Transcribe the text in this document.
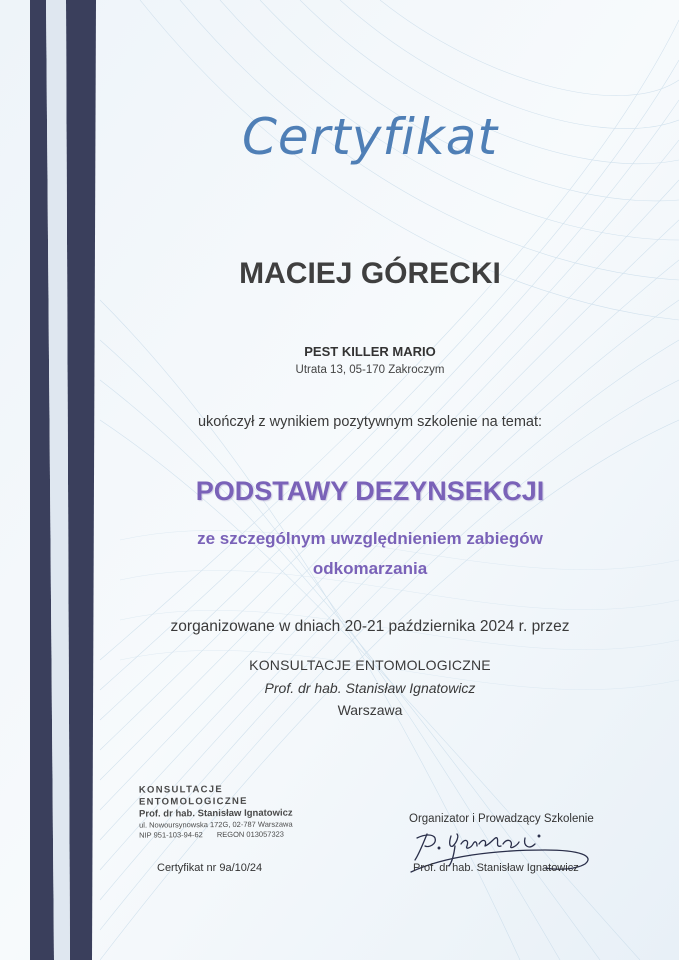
Certyfikat
MACIEJ GÓRECKI
PEST KILLER MARIO
Utrata 13, 05-170 Zakroczym
ukończył z wynikiem pozytywnym szkolenie na temat:
PODSTAWY DEZYNSEKCJI
ze szczególnym uwzględnieniem zabiegów
odkomarzania
zorganizowane w dniach 20-21 października 2024 r. przez
KONSULTACJE ENTOMOLOGICZNE
Prof. dr hab. Stanisław Ignatowicz
Warszawa
KONSULTACJE ENTOMOLOGICZNE
Prof. dr hab. Stanisław Ignatowicz
ul. Nowoursynowska 172G, 02-787 Warszawa
NIP 951-103-94-62 REGON 013057323
Certyfikat nr 9a/10/24
Organizator i Prowadzący Szkolenie
Prof. dr hab. Stanisław Ignatowicz
